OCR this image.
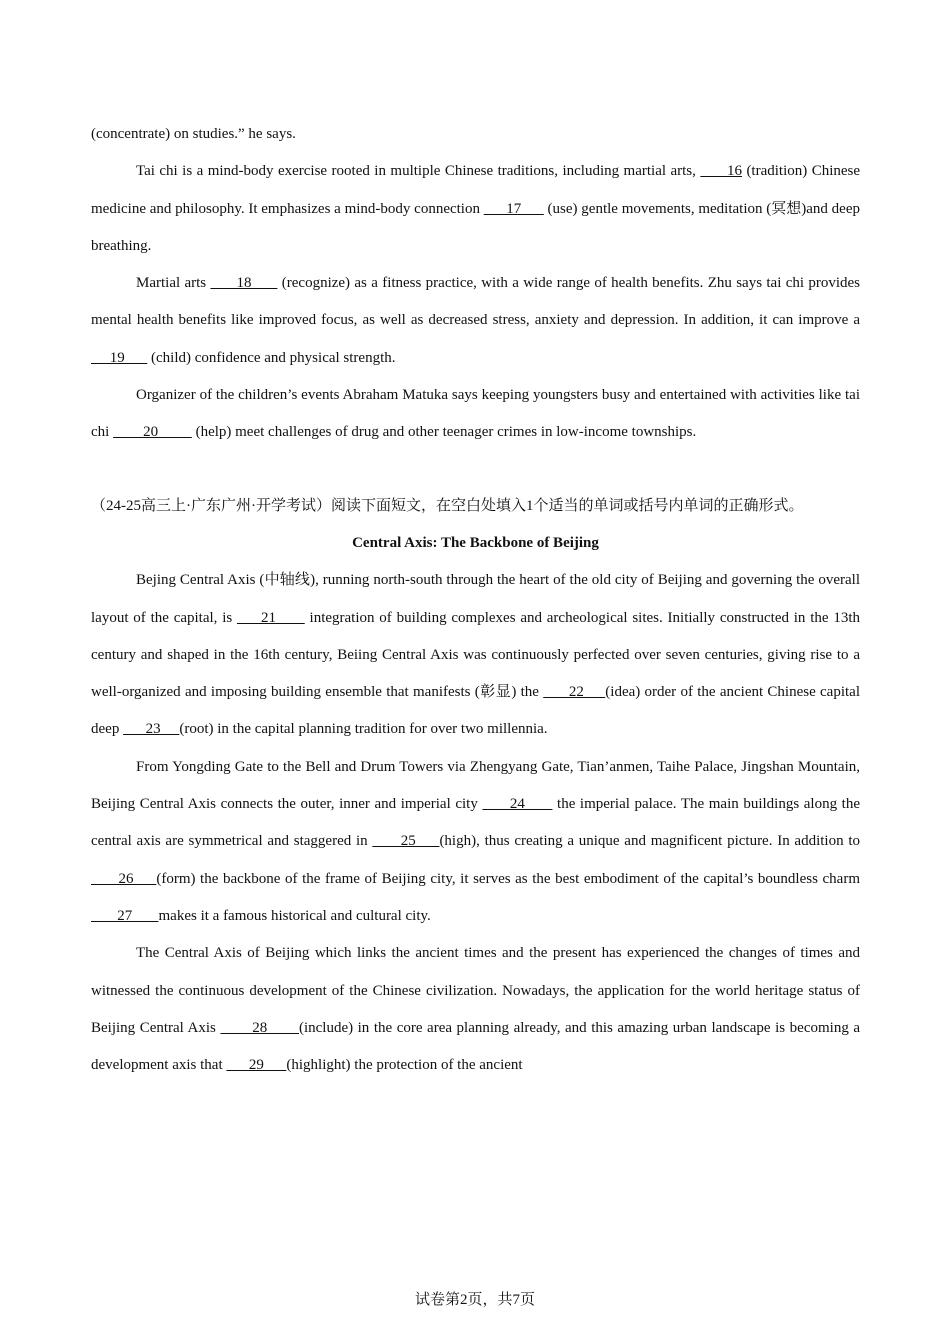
(concentrate) on studies.” he says.

Tai chi is a mind-body exercise rooted in multiple Chinese traditions, including martial arts,       16 (tradition) Chinese medicine and philosophy. It emphasizes a mind-body connection       17       (use) gentle movements, meditation (冥想)and deep breathing.

Martial arts       18       (recognize) as a fitness practice, with a wide range of health benefits. Zhu says tai chi provides mental health benefits like improved focus, as well as decreased stress, anxiety and depression. In addition, it can improve a      19       (child) confidence and physical strength.

Organizer of the children’s events Abraham Matuka says keeping youngsters busy and entertained with activities like tai chi         20          (help) meet challenges of drug and other teenager crimes in low-income townships.

（24-25高三上·广东广州·开学考试）阅读下面短文，在空白处填入1个适当的单词或括号内单词的正确形式。

Central Axis: The Backbone of Beijing

Bejing Central Axis (中轴线), running north-south through the heart of the old city of Beijing and governing the overall layout of the capital, is      21       integration of building complexes and archeological sites. Initially constructed in the 13th century and shaped in the 16th century, Beiing Central Axis was continuously perfected over seven centuries, giving rise to a well-organized and imposing building ensemble that manifests (彰显) the       22     (idea) order of the ancient Chinese capital deep       23     (root) in the capital planning tradition for over two millennia.

From Yongding Gate to the Bell and Drum Towers via Zhengyang Gate, Tian’anmen, Taihe Palace, Jingshan Mountain, Beijing Central Axis connects the outer, inner and imperial city       24       the imperial palace. The main buildings along the central axis are symmetrical and staggered in       25     (high), thus creating a unique and magnificent picture. In addition to       26     (form) the backbone of the frame of Beijing city, it serves as the best embodiment of the capital’s boundless charm        27       makes it a famous historical and cultural city.

The Central Axis of Beijing which links the ancient times and the present has experienced the changes of times and witnessed the continuous development of the Chinese civilization. Nowadays, the application for the world heritage status of Beijing Central Axis        28       (include) in the core area planning already, and this amazing urban landscape is becoming a development axis that       29      (highlight) the protection of the ancient

试卷第2页，共7页
